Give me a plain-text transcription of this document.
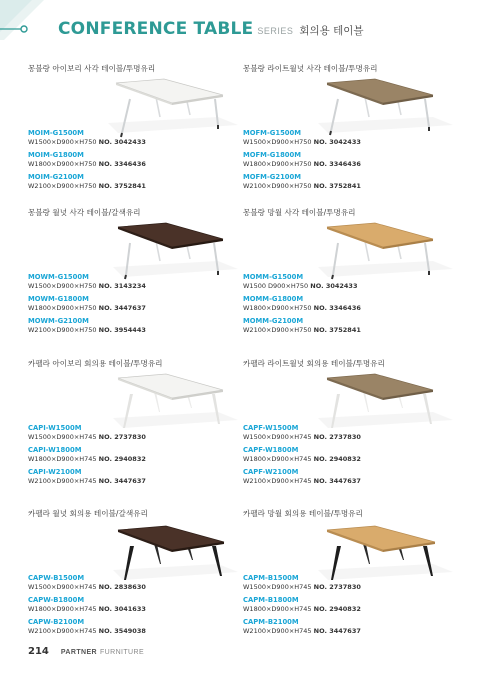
CONFERENCE TABLE SERIES 회의용 테이블
몽블랑 아이보리 사각 테이블/투명유리
MOIM-G1500M
W1500×D900×H750 NO. 3042433
MOIM-G1800M
W1800×D900×H750 NO. 3346436
MOIM-G2100M
W2100×D900×H750 NO. 3752841
몽블랑 라이트월넛 사각 테이블/투명유리
MOFM-G1500M
W1500×D900×H750 NO. 3042433
MOFM-G1800M
W1800×D900×H750 NO. 3346436
MOFM-G2100M
W2100×D900×H750 NO. 3752841
몽블랑 월넛 사각 테이블/갈색유리
MOWM-G1500M
W1500×D900×H750 NO. 3143234
MOWM-G1800M
W1800×D900×H750 NO. 3447637
MOWM-G2100M
W2100×D900×H750 NO. 3954443
몽블랑 망월 사각 테이블/투명유리
MOMM-G1500M
W1500 D900×H750 NO. 3042433
MOMM-G1800M
W1800×D900×H750 NO. 3346436
MOMM-G2100M
W2100×D900×H750 NO. 3752841
카펠라 아이보리 회의용 테이블/투명유리
CAPI-W1500M
W1500×D900×H745 NO. 2737830
CAPI-W1800M
W1800×D900×H745 NO. 2940832
CAPI-W2100M
W2100×D900×H745 NO. 3447637
카펠라 라이트월넛 회의용 테이블/투명유리
CAPF-W1500M
W1500×D900×H745 NO. 2737830
CAPF-W1800M
W1800×D900×H745 NO. 2940832
CAPF-W2100M
W2100×D900×H745 NO. 3447637
카펠라 월넛 회의용 테이블/갈색유리
CAPW-B1500M
W1500×D900×H745 NO. 2838630
CAPW-B1800M
W1800×D900×H745 NO. 3041633
CAPW-B2100M
W2100×D900×H745 NO. 3549038
카펠라 망월 회의용 테이블/투명유리
CAPM-B1500M
W1500×D900×H745 NO. 2737830
CAPM-B1800M
W1800×D900×H745 NO. 2940832
CAPM-B2100M
W2100×D900×H745 NO. 3447637
214 PARTNER FURNITURE
